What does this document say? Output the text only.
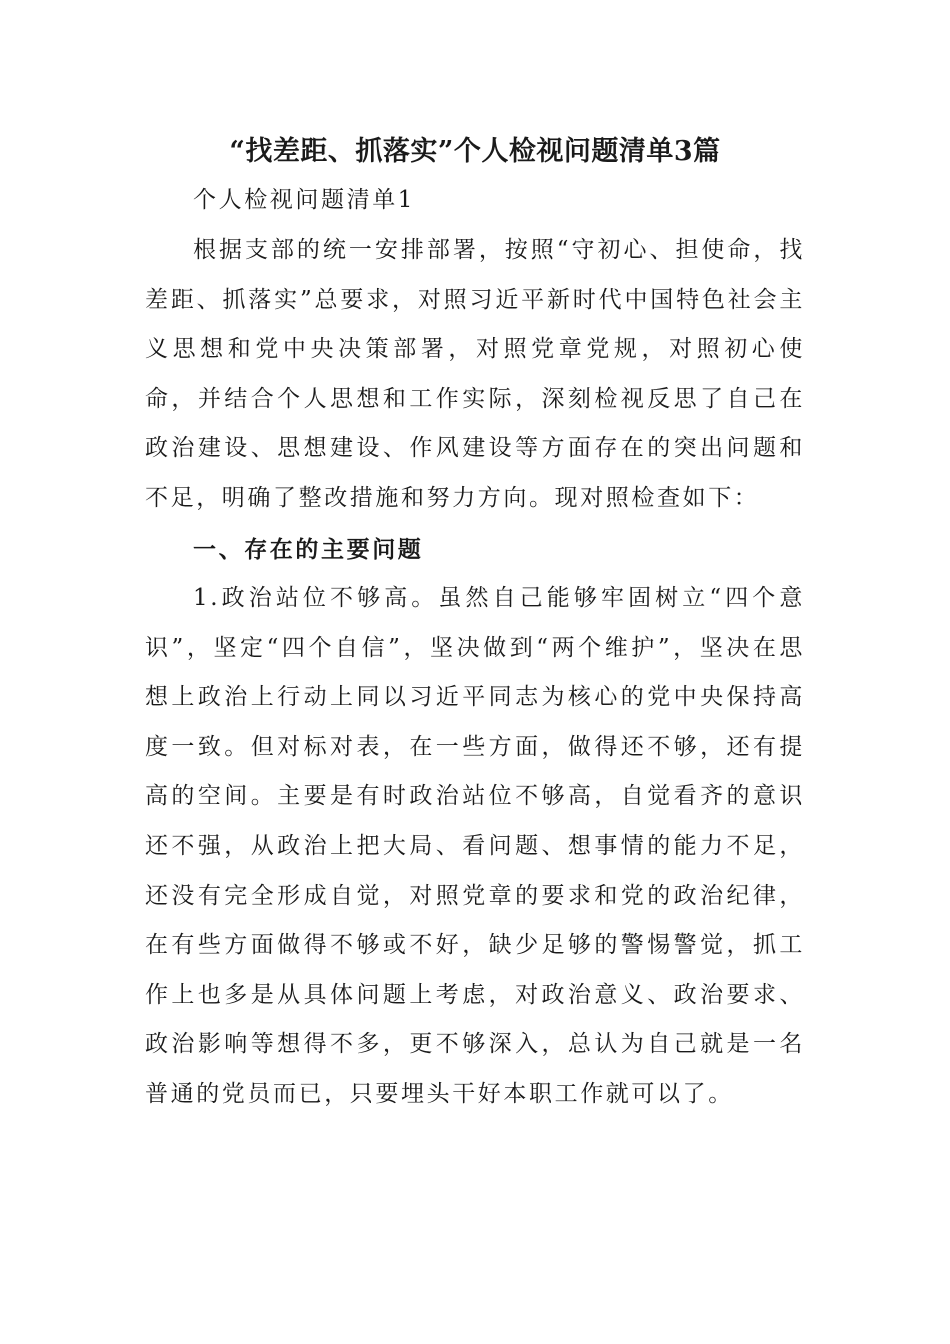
“找差距、抓落实”个人检视问题清单3篇
个人检视问题清单1
根据支部的统一安排部署，按照“守初心、担使命，找差距、抓落实”总要求，对照习近平新时代中国特色社会主义思想和党中央决策部署，对照党章党规，对照初心使命，并结合个人思想和工作实际，深刻检视反思了自己在政治建设、思想建设、作风建设等方面存在的突出问题和不足，明确了整改措施和努力方向。现对照检查如下：
一、存在的主要问题
1.政治站位不够高。虽然自己能够牢固树立“四个意识”，坚定“四个自信”，坚决做到“两个维护”，坚决在思想上政治上行动上同以习近平同志为核心的党中央保持高度一致。但对标对表，在一些方面，做得还不够，还有提高的空间。主要是有时政治站位不够高，自觉看齐的意识还不强，从政治上把大局、看问题、想事情的能力不足，还没有完全形成自觉，对照党章的要求和党的政治纪律，在有些方面做得不够或不好，缺少足够的警惕警觉，抓工作上也多是从具体问题上考虑，对政治意义、政治要求、政治影响等想得不多，更不够深入，总认为自己就是一名普通的党员而已，只要埋头干好本职工作就可以了。
